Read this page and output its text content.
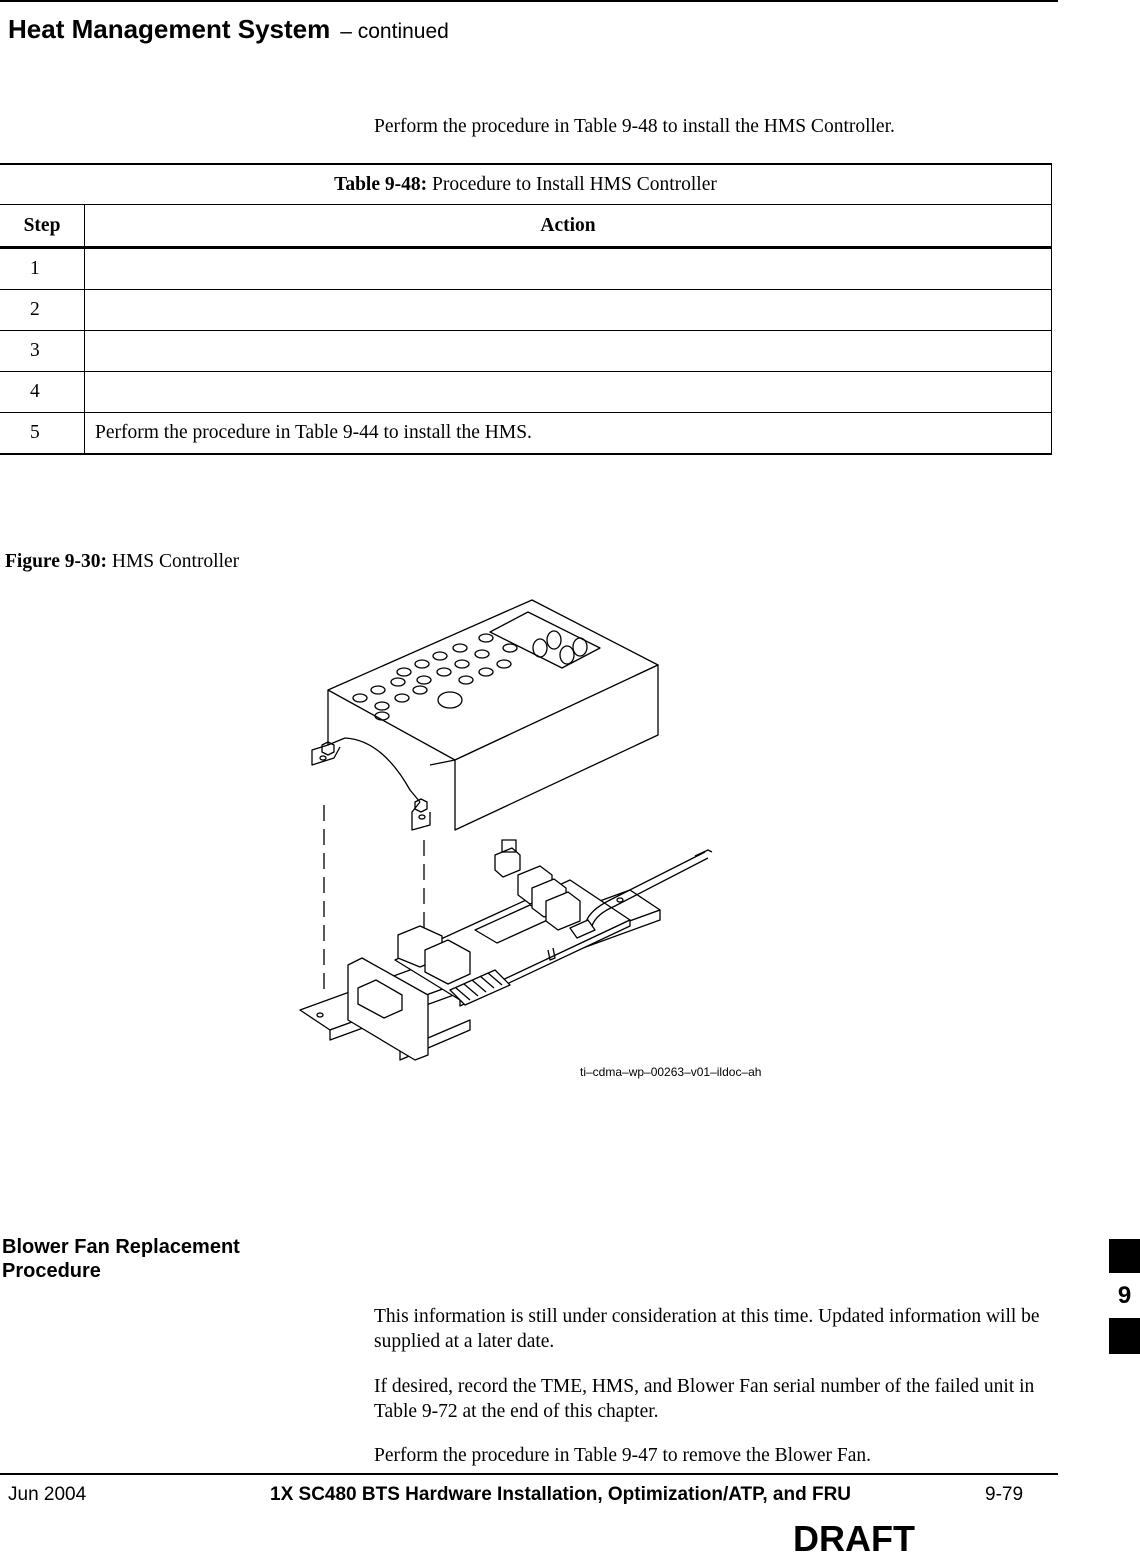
Heat Management System – continued
Perform the procedure in Table 9-48 to install the HMS Controller.
Table 9-48: Procedure to Install HMS Controller	
Step	Action
1	
2	
3	
4	
5	Perform the procedure in Table 9-44 to install the HMS.
Figure 9-30: HMS Controller
ti–cdma–wp–00263–v01–ildoc–ah
Blower Fan Replacement Procedure
This information is still under consideration at this time. Updated information will be supplied at a later date.
If desired, record the TME, HMS, and Blower Fan serial number of the failed unit in Table 9-72 at the end of this chapter.
Perform the procedure in Table 9-47 to remove the Blower Fan.
9
Jun 2004	1X SC480 BTS Hardware Installation, Optimization/ATP, and FRU	9-79
DRAFT
